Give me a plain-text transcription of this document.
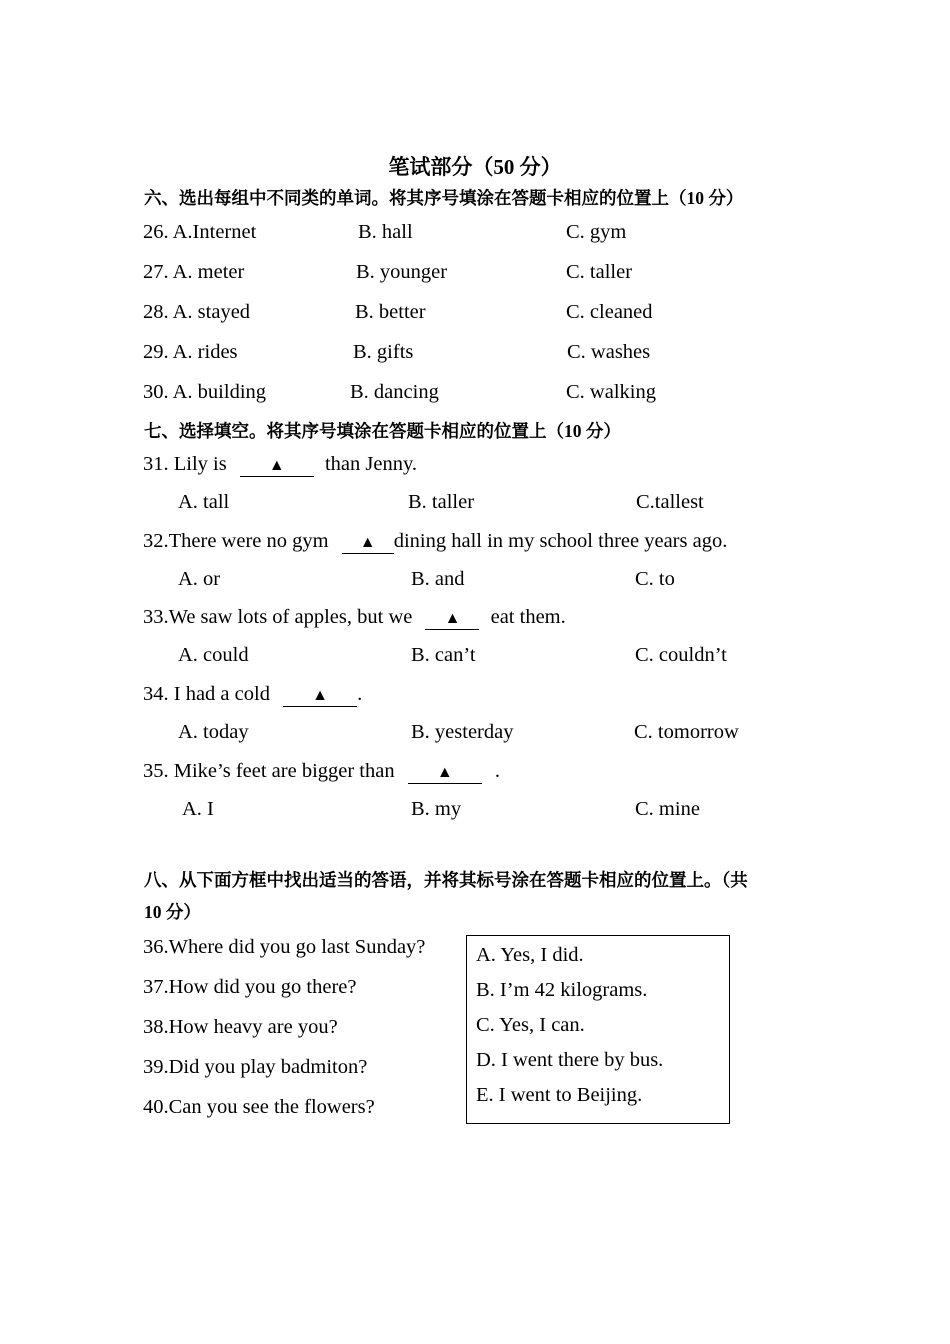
笔试部分（50 分）
六、选出每组中不同类的单词。将其序号填涂在答题卡相应的位置上（10 分）
26. A.Internet	B. hall	C. gym
27. A. meter	B. younger	C. taller
28. A. stayed	B. better	C. cleaned
29. A. rides	B. gifts	C. washes
30. A. building	B. dancing	C. walking
七、选择填空。将其序号填涂在答题卡相应的位置上（10 分）
31. Lily is	▲ than Jenny.
A. tall	B. taller	C.tallest
32.There were no gym ▲ dining hall in my school three years ago.
A. or	B. and	C. to
33.We saw lots of apples, but we ▲ eat them.
A. could	B. can’t	C. couldn’t
34. I had a cold	▲ .
A. today	B. yesterday	C. tomorrow
35. Mike’s feet are bigger than	▲ .
A. I	B. my	C. mine
八、从下面方框中找出适当的答语，并将其标号涂在答题卡相应的位置上。（共
10 分）
36.Where did you go last Sunday?
37.How did you go there?
38.How heavy are you?
39.Did you play badmiton?
40.Can you see the flowers?
A. Yes, I did.
B. I’m 42 kilograms.
C. Yes, I can.
D. I went there by bus.
E. I went to Beijing.
